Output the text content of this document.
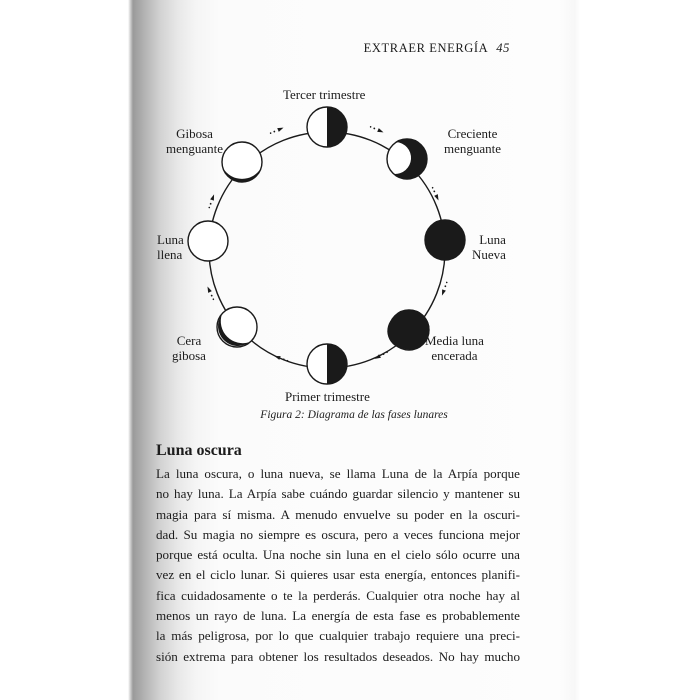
EXTRAER ENERGÍA 45
Tercer trimestre
Creciente
menguante
Luna
Nueva
Media luna
encerada
Primer trimestre
Cera
gibosa
Luna
llena
Gibosa
menguante
Figura 2: Diagrama de las fases lunares
Luna oscura

La luna oscura, o luna nueva, se llama Luna de la Arpía porque
no hay luna. La Arpía sabe cuándo guardar silencio y mantener su
magia para sí misma. A menudo envuelve su poder en la oscuri-
dad. Su magia no siempre es oscura, pero a veces funciona mejor
porque está oculta. Una noche sin luna en el cielo sólo ocurre una
vez en el ciclo lunar. Si quieres usar esta energía, entonces planifi-
fica cuidadosamente o te la perderás. Cualquier otra noche hay al
menos un rayo de luna. La energía de esta fase es probablemente
la más peligrosa, por lo que cualquier trabajo requiere una preci-
sión extrema para obtener los resultados deseados. No hay mucho
